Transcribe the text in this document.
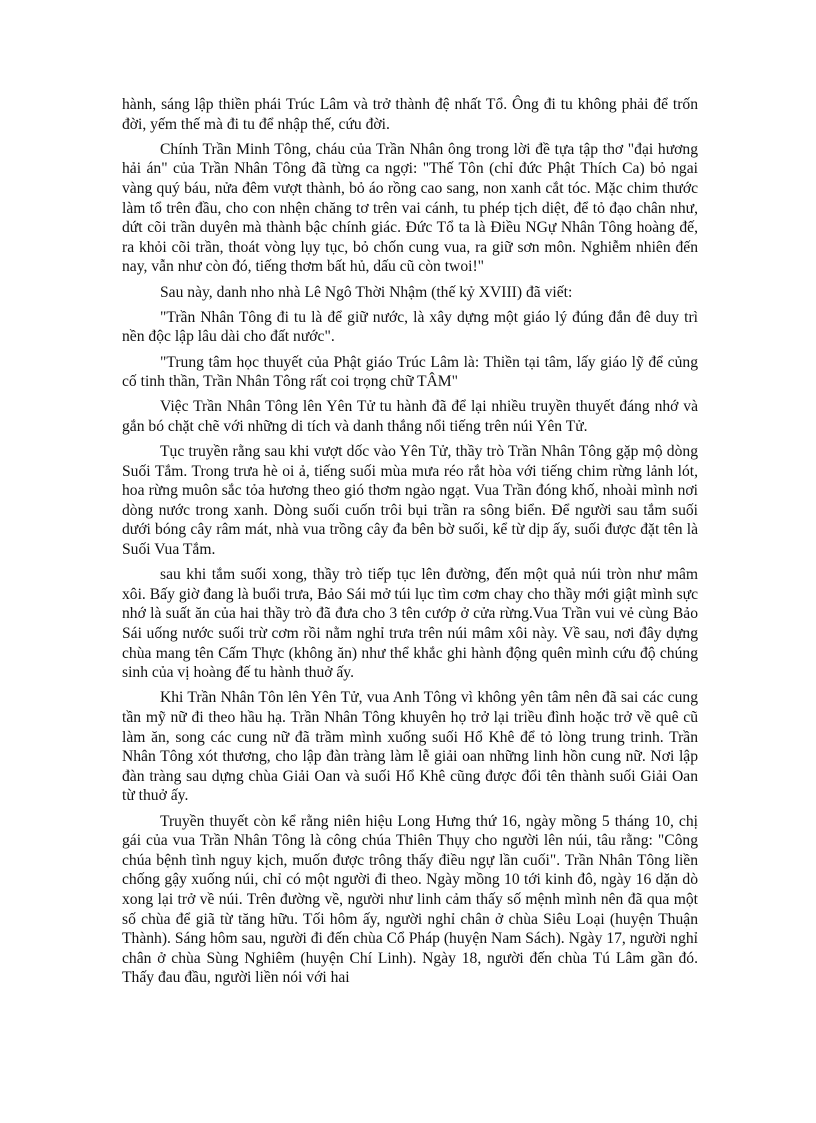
hành, sáng lập thiền phái Trúc Lâm và trở thành đệ nhất Tổ. Ông đi tu không phải để trốn đời, yếm thế mà đi tu để nhập thế, cứu đời.

Chính Trần Minh Tông, cháu của Trần Nhân ông trong lời đề tựa tập thơ "đại hương hải án" của Trần Nhân Tông đã từng ca ngợi: "Thế Tôn (chỉ đức Phật Thích Ca) bỏ ngai vàng quý báu, nửa đêm vượt thành, bỏ áo rồng cao sang, non xanh cắt tóc. Mặc chim thước làm tổ trên đầu, cho con nhện chăng tơ trên vai cánh, tu phép tịch diệt, để tỏ đạo chân như, dứt cõi trần duyên mà thành bậc chính giác. Đức Tổ ta là Điều NGự Nhân Tông hoàng đế, ra khỏi cõi trần, thoát vòng lụy tục, bỏ chốn cung vua, ra giữ sơn môn. Nghiễm nhiên đến nay, vẫn như còn đó, tiếng thơm bất hủ, dấu cũ còn twoi!"

Sau này, danh nho nhà Lê Ngô Thời Nhậm (thế kỷ XVIII) đã viết:

"Trần Nhân Tông đi tu là để giữ nước, là xây dựng một giáo lý đúng đắn đê duy trì nền độc lập lâu dài cho đất nước".

"Trung tâm học thuyết của Phật giáo Trúc Lâm là: Thiền tại tâm, lấy giáo lỹ để củng cố tinh thần, Trần Nhân Tông rất coi trọng chữ TÂM"

Việc Trần Nhân Tông lên Yên Tử tu hành đã để lại nhiều truyền thuyết đáng nhớ và gắn bó chặt chẽ với những di tích và danh thắng nổi tiếng trên núi Yên Tử.

Tục truyền rằng sau khi vượt dốc vào Yên Tử, thầy trò Trần Nhân Tông gặp mộ dòng Suối Tắm. Trong trưa hè oi ả, tiếng suối mùa mưa réo rắt hòa với tiếng chim rừng lảnh lót, hoa rừng muôn sắc tỏa hương theo gió thơm ngào ngạt. Vua Trần đóng khố, nhoài mình nơi dòng nước trong xanh. Dòng suối cuốn trôi bụi trần ra sông biển. Để người sau tắm suối dưới bóng cây râm mát, nhà vua trồng cây đa bên bờ suối, kể từ dịp ấy, suối được đặt tên là Suối Vua Tắm.

sau khi tắm suối xong, thầy trò tiếp tục lên đường, đến một quả núi tròn như mâm xôi. Bấy giờ đang là buổi trưa, Bảo Sái mở túi lục tìm cơm chay cho thầy mới giật mình sực nhớ là suất ăn của hai thầy trò đã đưa cho 3 tên cướp ở cửa rừng.Vua Trần vui vẻ cùng Bảo Sái uống nước suối trừ cơm rồi nằm nghỉ trưa trên núi mâm xôi này. Về sau, nơi đây dựng chùa mang tên Cấm Thực (không ăn) như thể khắc ghi hành động quên mình cứu độ chúng sinh của vị hoàng đế tu hành thuở ấy.

Khi Trần Nhân Tôn lên Yên Tử, vua Anh Tông vì không yên tâm nên đã sai các cung tần mỹ nữ đi theo hầu hạ. Trần Nhân Tông khuyên họ trở lại triều đình hoặc trở về quê cũ làm ăn, song các cung nữ đã trầm mình xuống suối Hổ Khê để tỏ lòng trung trinh. Trần Nhân Tông xót thương, cho lập đàn tràng làm lễ giải oan những linh hồn cung nữ. Nơi lập đàn tràng sau dựng chùa Giải Oan và suối Hổ Khê cũng được đổi tên thành suối Giải Oan từ thuở ấy.

Truyền thuyết còn kể rằng niên hiệu Long Hưng thứ 16, ngày mồng 5 tháng 10, chị gái của vua Trần Nhân Tông là công chúa Thiên Thụy cho người lên núi, tâu rằng: "Công chúa bệnh tình nguy kịch, muốn được trông thấy điều ngự lần cuối". Trần Nhân Tông liền chống gậy xuống núi, chỉ có một người đi theo. Ngày mồng 10 tới kinh đô, ngày 16 dặn dò xong lại trở về núi. Trên đường về, người như linh cảm thấy số mệnh mình nên đã qua một số chùa để giã từ tăng hữu. Tối hôm ấy, người nghỉ chân ở chùa Siêu Loại (huyện Thuận Thành). Sáng hôm sau, người đi đến chùa Cổ Pháp (huyện Nam Sách). Ngày 17, người nghỉ chân ở chùa Sùng Nghiêm (huyện Chí Linh). Ngày 18, người đến chùa Tú Lâm gần đó. Thấy đau đầu, người liền nói với hai
